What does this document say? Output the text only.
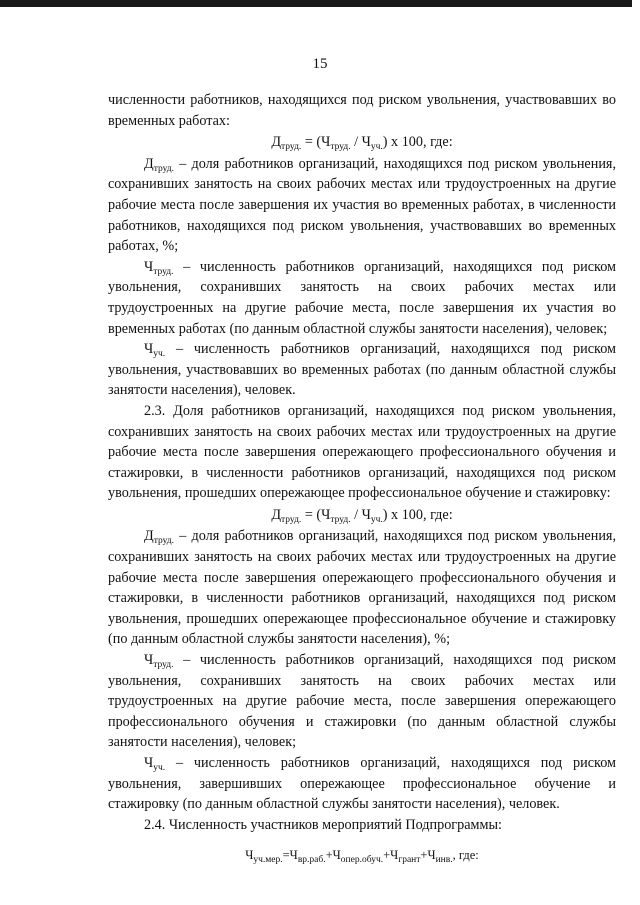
15

численности работников, находящихся под риском увольнения, участвовавших во временных работах:

$Д_{труд.} = (Ч_{труд.} / Ч_{уч.})$ х 100, где:

$Д_{труд.}$ – доля работников организаций, находящихся под риском увольнения, сохранивших занятость на своих рабочих местах или трудоустроенных на другие рабочие места после завершения их участия во временных работах, в численности работников, находящихся под риском увольнения, участвовавших во временных работах, %;

$Ч_{труд.}$ – численность работников организаций, находящихся под риском увольнения, сохранивших занятость на своих рабочих местах или трудоустроенных на другие рабочие места, после завершения их участия во временных работах (по данным областной службы занятости населения), человек;

$Ч_{уч.}$ – численность работников организаций, находящихся под риском увольнения, участвовавших во временных работах (по данным областной службы занятости населения), человек.

2.3. Доля работников организаций, находящихся под риском увольнения, сохранивших занятость на своих рабочих местах или трудоустроенных на другие рабочие места после завершения опережающего профессионального обучения и стажировки, в численности работников организаций, находящихся под риском увольнения, прошедших опережающее профессиональное обучение и стажировку:

$Д_{труд.} = (Ч_{труд.} / Ч_{уч.})$ х 100, где:

$Д_{труд.}$ – доля работников организаций, находящихся под риском увольнения, сохранивших занятость на своих рабочих местах или трудоустроенных на другие рабочие места после завершения опережающего профессионального обучения и стажировки, в численности работников организаций, находящихся под риском увольнения, прошедших опережающее профессиональное обучение и стажировку (по данным областной службы занятости населения), %;

$Ч_{труд.}$ – численность работников организаций, находящихся под риском увольнения, сохранивших занятость на своих рабочих местах или трудоустроенных на другие рабочие места, после завершения опережающего профессионального обучения и стажировки (по данным областной службы занятости населения), человек;

$Ч_{уч.}$ – численность работников организаций, находящихся под риском увольнения, завершивших опережающее профессиональное обучение и стажировку (по данным областной службы занятости населения), человек.

2.4. Численность участников мероприятий Подпрограммы:

$Ч_{уч.мер.}=Ч_{вр.раб.}+Ч_{опер.обуч.}+Ч_{грант}+Ч_{инв.}$, где:
